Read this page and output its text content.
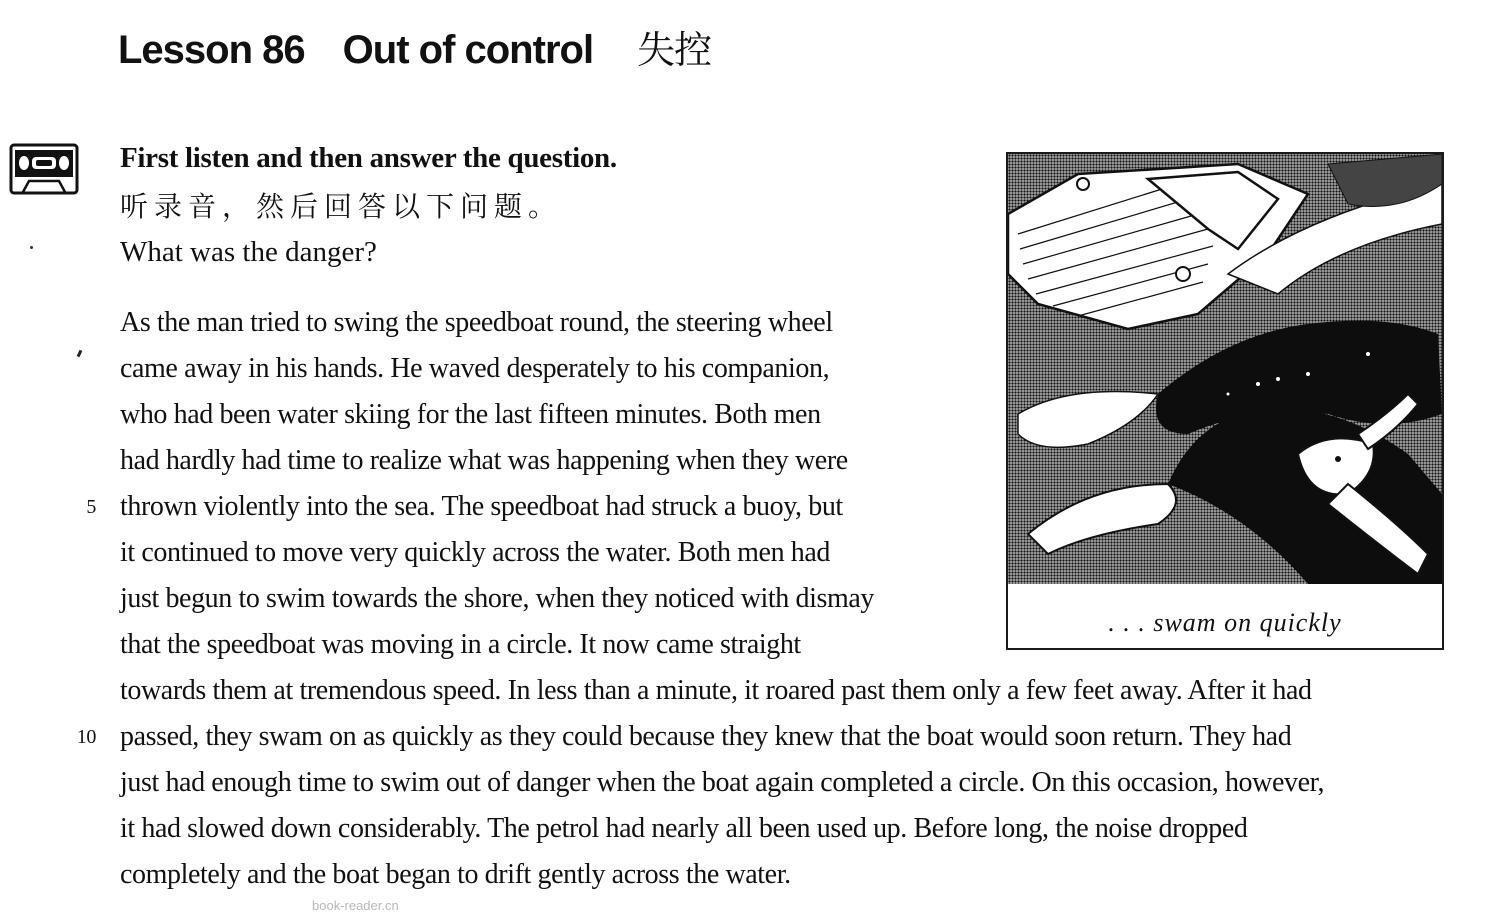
Lesson 86 Out of control 失控
First listen and then answer the question.
听录音，然后回答以下问题。
What was the danger?
As the man tried to swing the speedboat round, the steering wheel
came away in his hands. He waved desperately to his companion,
who had been water skiing for the last fifteen minutes. Both men
had hardly had time to realize what was happening when they were
5 thrown violently into the sea. The speedboat had struck a buoy, but
it continued to move very quickly across the water. Both men had
just begun to swim towards the shore, when they noticed with dismay
that the speedboat was moving in a circle. It now came straight
towards them at tremendous speed. In less than a minute, it roared past them only a few feet away. After it had
10 passed, they swam on as quickly as they could because they knew that the boat would soon return. They had
just had enough time to swim out of danger when the boat again completed a circle. On this occasion, however,
it had slowed down considerably. The petrol had nearly all been used up. Before long, the noise dropped
completely and the boat began to drift gently across the water.
. . . swam on quickly
book-reader.cn
